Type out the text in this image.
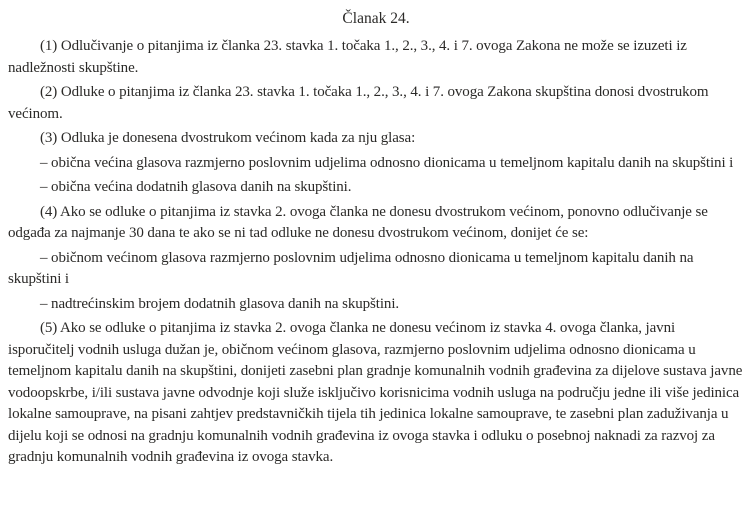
Članak 24.

(1) Odlučivanje o pitanjima iz članka 23. stavka 1. točaka 1., 2., 3., 4. i 7. ovoga Zakona ne može se izuzeti iz nadležnosti skupštine.

(2) Odluke o pitanjima iz članka 23. stavka 1. točaka 1., 2., 3., 4. i 7. ovoga Zakona skupština donosi dvostrukom većinom.

(3) Odluka je donesena dvostrukom većinom kada za nju glasa:

– obična većina glasova razmjerno poslovnim udjelima odnosno dionicama u temeljnom kapitalu danih na skupštini i

– obična većina dodatnih glasova danih na skupštini.

(4) Ako se odluke o pitanjima iz stavka 2. ovoga članka ne donesu dvostrukom većinom, ponovno odlučivanje se odgađa za najmanje 30 dana te ako se ni tad odluke ne donesu dvostrukom većinom, donijet će se:

– običnom većinom glasova razmjerno poslovnim udjelima odnosno dionicama u temeljnom kapitalu danih na skupštini i

– nadtrećinskim brojem dodatnih glasova danih na skupštini.

(5) Ako se odluke o pitanjima iz stavka 2. ovoga članka ne donesu većinom iz stavka 4. ovoga članka, javni isporučitelj vodnih usluga dužan je, običnom većinom glasova, razmjerno poslovnim udjelima odnosno dionicama u temeljnom kapitalu danih na skupštini, donijeti zasebni plan gradnje komunalnih vodnih građevina za dijelove sustava javne vodoopskrbe, i/ili sustava javne odvodnje koji služe isključivo korisnicima vodnih usluga na području jedne ili više jedinica lokalne samouprave, na pisani zahtjev predstavničkih tijela tih jedinica lokalne samouprave, te zasebni plan zaduživanja u dijelu koji se odnosi na gradnju komunalnih vodnih građevina iz ovoga stavka i odluku o posebnoj naknadi za razvoj za gradnju komunalnih vodnih građevina iz ovoga stavka.
